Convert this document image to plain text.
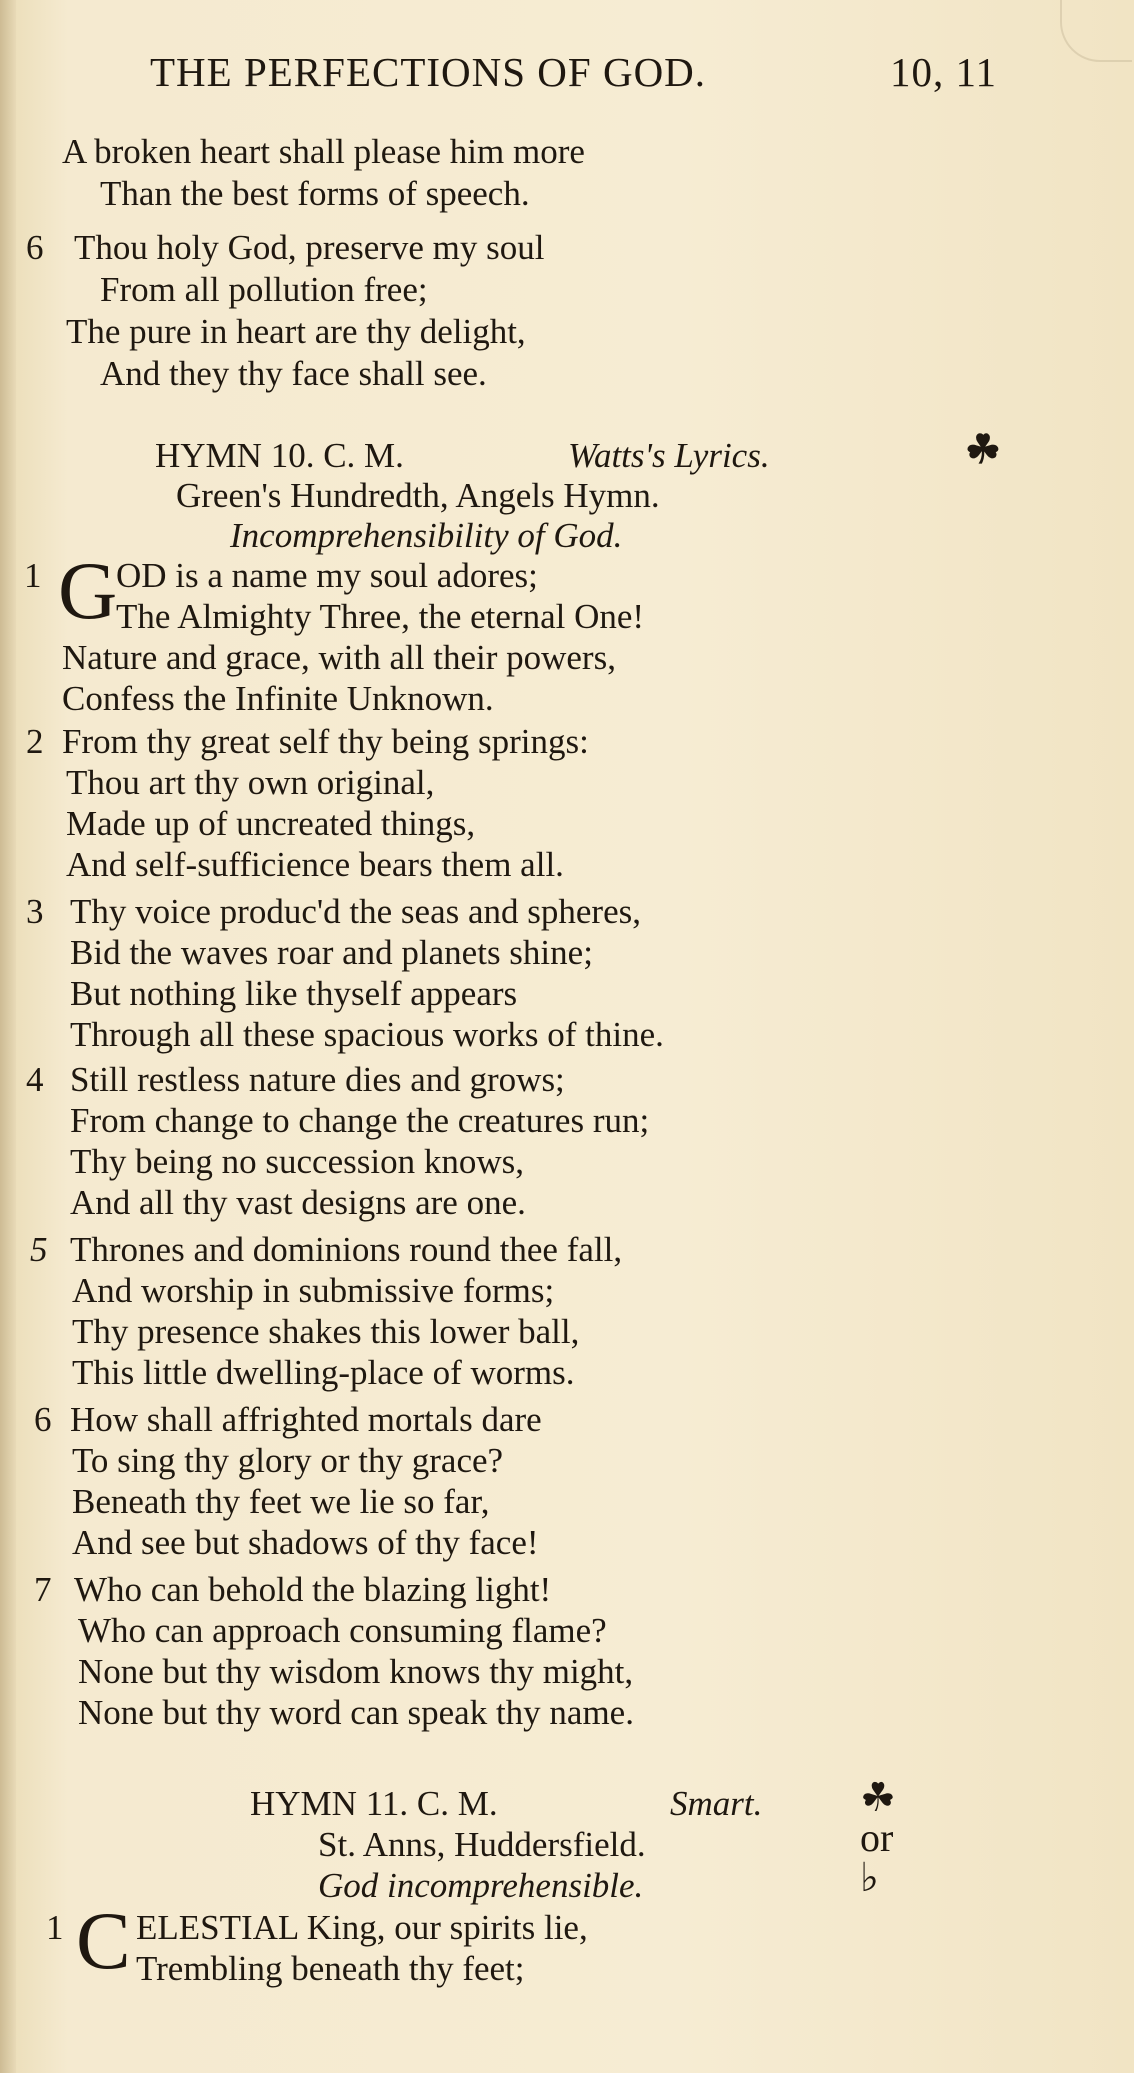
THE PERFECTIONS OF GOD.	10, 11
A broken heart shall please him more
Than the best forms of speech.
6 Thou holy God, preserve my soul
From all pollution free;
The pure in heart are thy delight,
And they thy face shall see.
HYMN 10. C. M.	Watts's Lyrics.	☘
Green's Hundredth, Angels Hymn.
Incomprehensibility of God.
1 G
OD is a name my soul adores;
The Almighty Three, the eternal One!
Nature and grace, with all their powers,
Confess the Infinite Unknown.
2 From thy great self thy being springs:
Thou art thy own original,
Made up of uncreated things,
And self-sufficience bears them all.
3 Thy voice produc'd the seas and spheres,
Bid the waves roar and planets shine;
But nothing like thyself appears
Through all these spacious works of thine.
4 Still restless nature dies and grows;
From change to change the creatures run;
Thy being no succession knows,
And all thy vast designs are one.
5 Thrones and dominions round thee fall,
And worship in submissive forms;
Thy presence shakes this lower ball,
This little dwelling-place of worms.
6 How shall affrighted mortals dare
To sing thy glory or thy grace?
Beneath thy feet we lie so far,
And see but shadows of thy face!
7 Who can behold the blazing light!
Who can approach consuming flame?
None but thy wisdom knows thy might,
None but thy word can speak thy name.
HYMN 11. C. M.	Smart. ☘ or ♭
St. Anns, Huddersfield.
God incomprehensible.
1 C ELESTIAL King, our spirits lie,
Trembling beneath thy feet;
